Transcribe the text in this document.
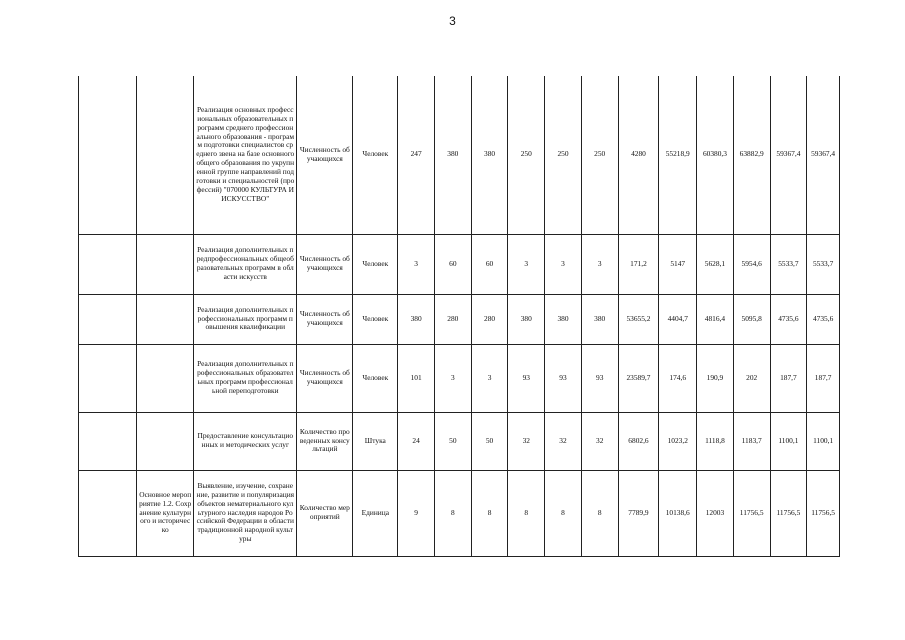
3
		Реализация основных профессиональных образовательных программ среднего профессионального образования - программ подготовки специалистов среднего звена на базе основного общего образования по укрупненной группе направлений подготовки и специальностей (профессий) "070000 КУЛЬТУРА И ИСКУССТВО"	Численность обучающихся	Человек	247	380	380	250	250	250	4280	55218,9	60380,3	63882,9	59367,4	59367,4
		Реализация дополнительных предпрофессиональных общеобразовательных программ в области искусств	Численность обучающихся	Человек	3	60	60	3	3	3	171,2	5147	5628,1	5954,6	5533,7	5533,7
		Реализация дополнительных профессиональных программ повышения квалификации	Численность обучающихся	Человек	380	280	280	380	380	380	53655,2	4404,7	4816,4	5095,8	4735,6	4735,6
		Реализация дополнительных профессиональных образовательных программ профессиональной переподготовки	Численность обучающихся	Человек	101	3	3	93	93	93	23589,7	174,6	190,9	202	187,7	187,7
		Предоставление консультационных и методических услуг	Количество проведенных консультаций	Штука	24	50	50	32	32	32	6802,6	1023,2	1118,8	1183,7	1100,1	1100,1
	Основное мероприятие 1.2. Сохранение культурного и историческо	Выявление, изучение, сохранение, развитие и популяризация объектов нематериального культурного наследия народов Российской Федерации в области традиционной народной культуры	Количество мероприятий	Единица	9	8	8	8	8	8	7789,9	10138,6	12003	11756,5	11756,5	11756,5
